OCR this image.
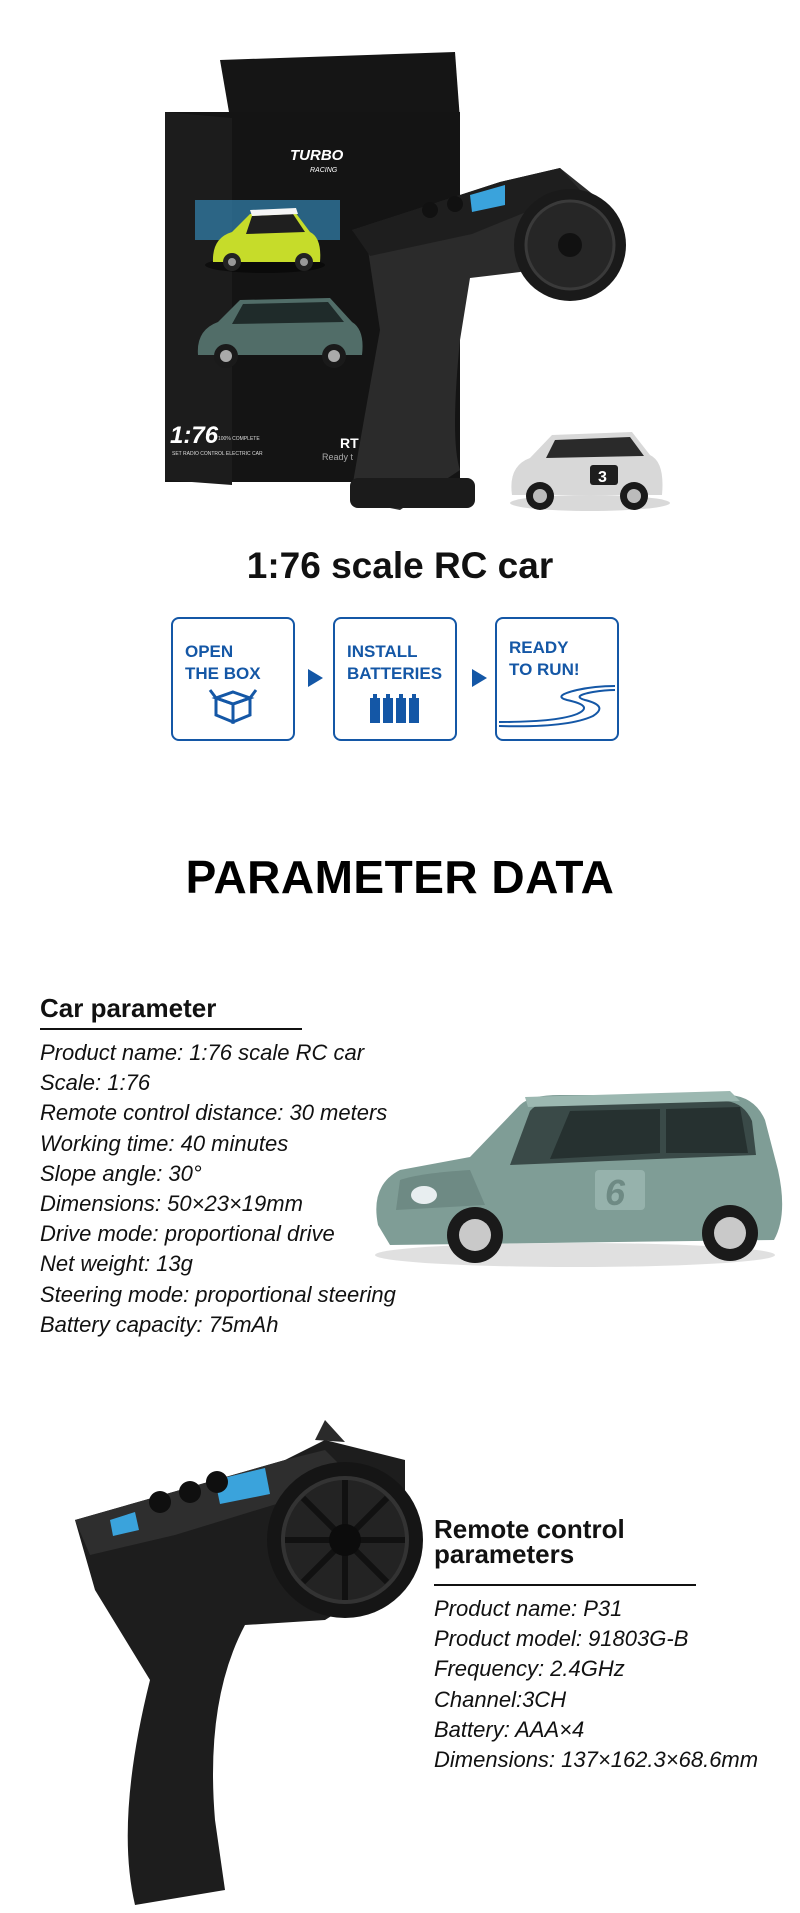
TURBO
RACING
1:76 100% COMPLETE
SET RADIO CONTROL ELECTRIC CAR
RT
Ready t
3
1:76 scale RC car
OPEN
THE BOX
INSTALL
BATTERIES
READY
TO RUN!
PARAMETER DATA
Car parameter
Product name: 1:76 scale RC car
Scale: 1:76
Remote control distance: 30 meters
Working time: 40 minutes
Slope angle: 30°
Dimensions: 50×23×19mm
Drive mode: proportional drive
Net weight: 13g
Steering mode: proportional steering
Battery capacity: 75mAh
6
Remote control parameters
Product name: P31
Product model: 91803G-B
Frequency: 2.4GHz
Channel:3CH
Battery: AAA×4
Dimensions: 137×162.3×68.6mm
